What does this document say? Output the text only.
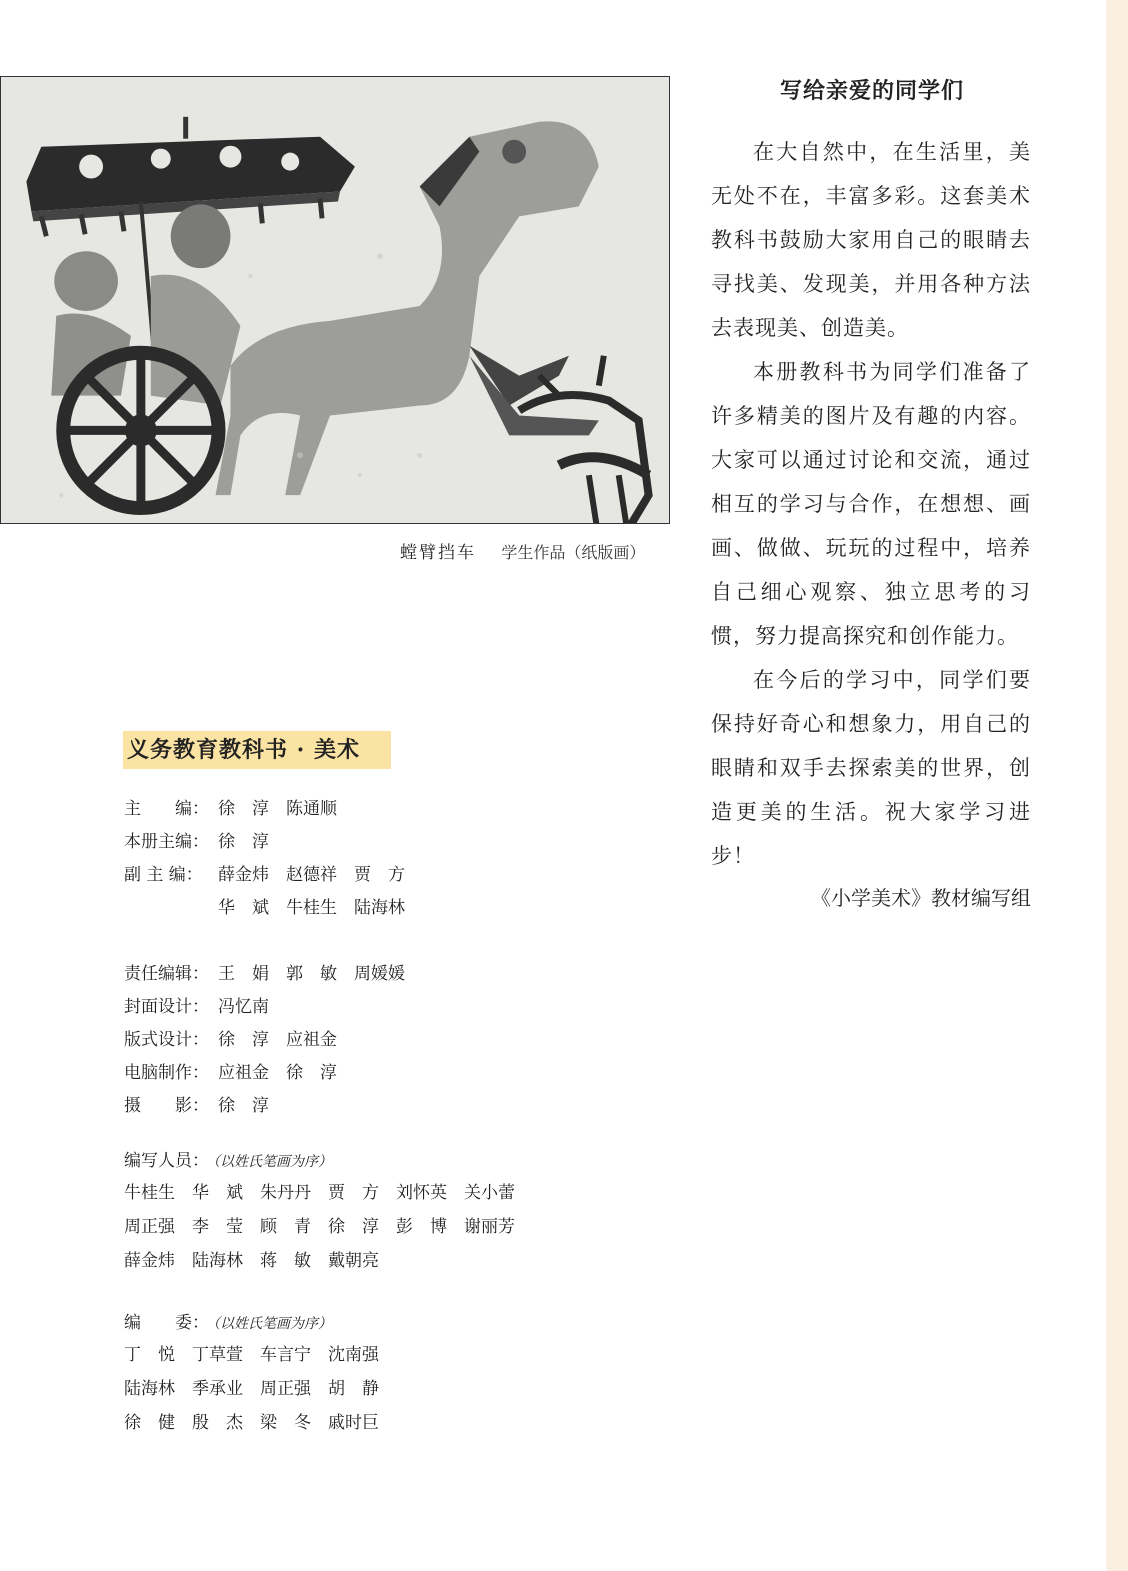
螳臂挡车 学生作品（纸版画）
写给亲爱的同学们

在大自然中，在生活里，美无处不在，丰富多彩。这套美术教科书鼓励大家用自己的眼睛去寻找美、发现美，并用各种方法去表现美、创造美。

本册教科书为同学们准备了许多精美的图片及有趣的内容。大家可以通过讨论和交流，通过相互的学习与合作，在想想、画画、做做、玩玩的过程中，培养自己细心观察、独立思考的习惯，努力提高探究和创作能力。

在今后的学习中，同学们要保持好奇心和想象力，用自己的眼睛和双手去探索美的世界，创造更美的生活。祝大家学习进步！

《小学美术》教材编写组
义务教育教科书 · 美术
主　　编： 徐　淳　陈通顺
本册主编： 徐　淳
副 主 编： 薛金炜　赵德祥　贾　方
华　斌　牛桂生　陆海林
责任编辑： 王　娟　郭　敏　周媛媛
封面设计： 冯忆南
版式设计： 徐　淳　应祖金
电脑制作： 应祖金　徐　淳
摄　　影： 徐　淳
编写人员： （以姓氏笔画为序）
牛桂生　华　斌　朱丹丹　贾　方　刘怀英　关小蕾
周正强　李　莹　顾　青　徐　淳　彭　博　谢丽芳
薛金炜　陆海林　蒋　敏　戴朝亮
编　　委： （以姓氏笔画为序）
丁　悦　丁草萱　车言宁　沈南强
陆海林　季承业　周正强　胡　静
徐　健　殷　杰　梁　冬　戚时巨
